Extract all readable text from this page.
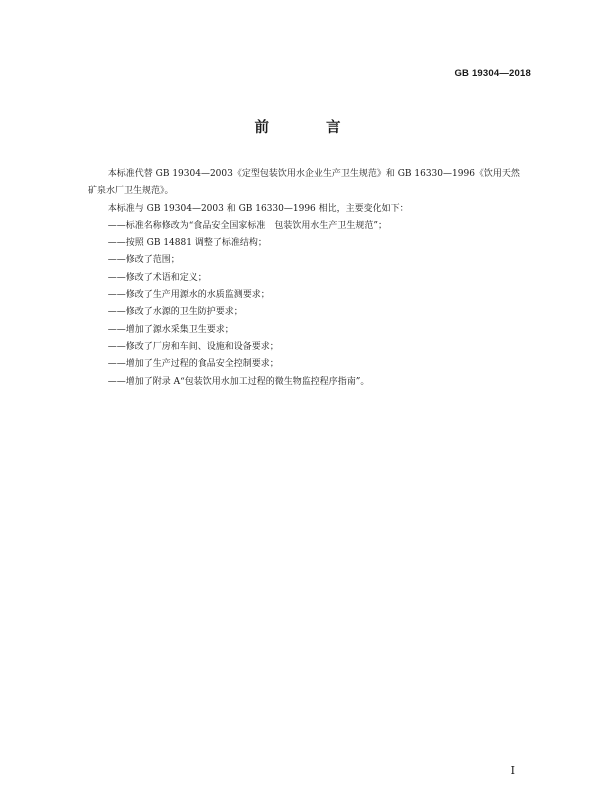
GB 19304—2018
前 言
本标准代替 GB 19304—2003《定型包装饮用水企业生产卫生规范》和 GB 16330—1996《饮用天然
矿泉水厂卫生规范》。

本标准与 GB 19304—2003 和 GB 16330—1996 相比，主要变化如下：

——标准名称修改为“食品安全国家标准　包装饮用水生产卫生规范”；

——按照 GB 14881 调整了标准结构；

——修改了范围；

——修改了术语和定义；

——修改了生产用源水的水质监测要求；

——修改了水源的卫生防护要求；

——增加了源水采集卫生要求；

——修改了厂房和车间、设施和设备要求；

——增加了生产过程的食品安全控制要求；

——增加了附录 A“包装饮用水加工过程的微生物监控程序指南”。

I
